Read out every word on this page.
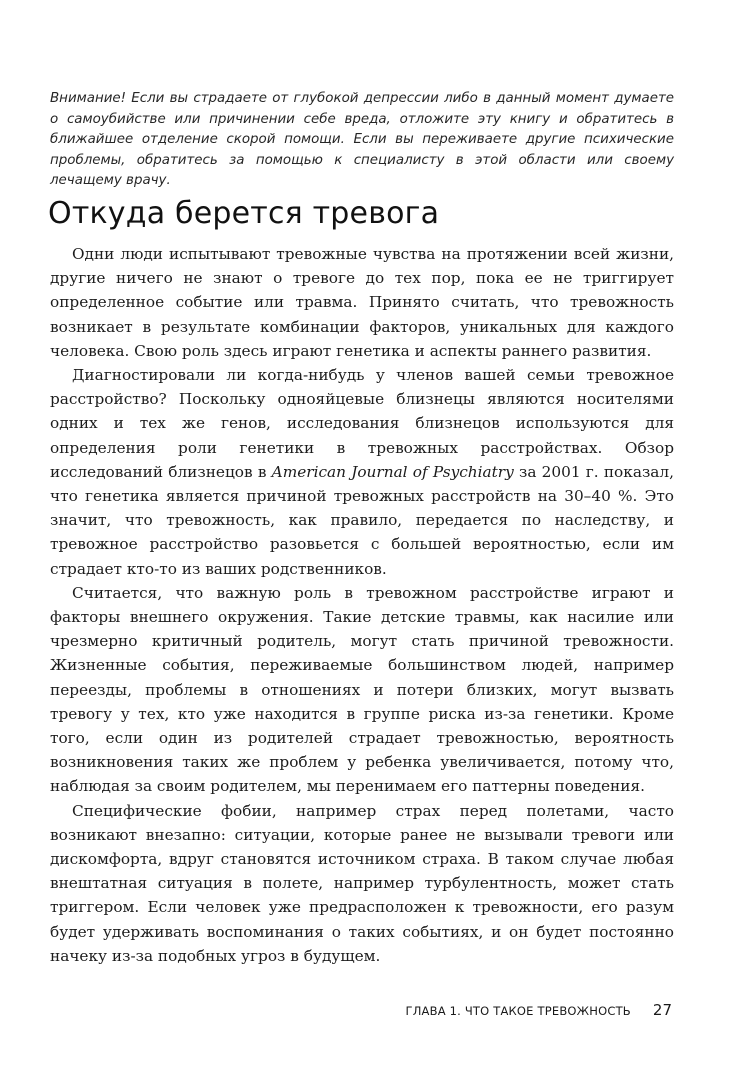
Внимание! Если вы страдаете от глубокой депрессии либо в данный момент думаете о самоубийстве или причинении себе вреда, отложите эту книгу и обратитесь в ближайшее отделение скорой помощи. Если вы переживаете другие психические проблемы, обратитесь за помощью к специалисту в этой области или своему лечащему врачу.

Откуда берется тревога

Одни люди испытывают тревожные чувства на протяжении всей жизни, другие ничего не знают о тревоге до тех пор, пока ее не триггирует определенное событие или травма. Принято считать, что тревожность возникает в результате комбинации факторов, уникальных для каждого человека. Свою роль здесь играют генетика и аспекты раннего развития.

Диагностировали ли когда-нибудь у членов вашей семьи тревожное расстройство? Поскольку однояйцевые близнецы являются носителями одних и тех же генов, исследования близнецов используются для определения роли генетики в тревожных расстройствах. Обзор исследований близнецов в American Journal of Psychiatry за 2001 г. показал, что генетика является причиной тревожных расстройств на 30–40 %. Это значит, что тревожность, как правило, передается по наследству, и тревожное расстройство разовьется с большей вероятностью, если им страдает кто-то из ваших родственников.

Считается, что важную роль в тревожном расстройстве играют и факторы внешнего окружения. Такие детские травмы, как насилие или чрезмерно критичный родитель, могут стать причиной тревожности. Жизненные события, переживаемые большинством людей, например переезды, проблемы в отношениях и потери близких, могут вызвать тревогу у тех, кто уже находится в группе риска из-за генетики. Кроме того, если один из родителей страдает тревожностью, вероятность возникновения таких же проблем у ребенка увеличивается, потому что, наблюдая за своим родителем, мы перенимаем его паттерны поведения.

Специфические фобии, например страх перед полетами, часто возникают внезапно: ситуации, которые ранее не вызывали тревоги или дискомфорта, вдруг становятся источником страха. В таком случае любая внештатная ситуация в полете, например турбулентность, может стать триггером. Если человек уже предрасположен к тревожности, его разум будет удерживать воспоминания о таких событиях, и он будет постоянно начеку из-за подобных угроз в будущем.

ГЛАВА 1. ЧТО ТАКОЕ ТРЕВОЖНОСТЬ 27
